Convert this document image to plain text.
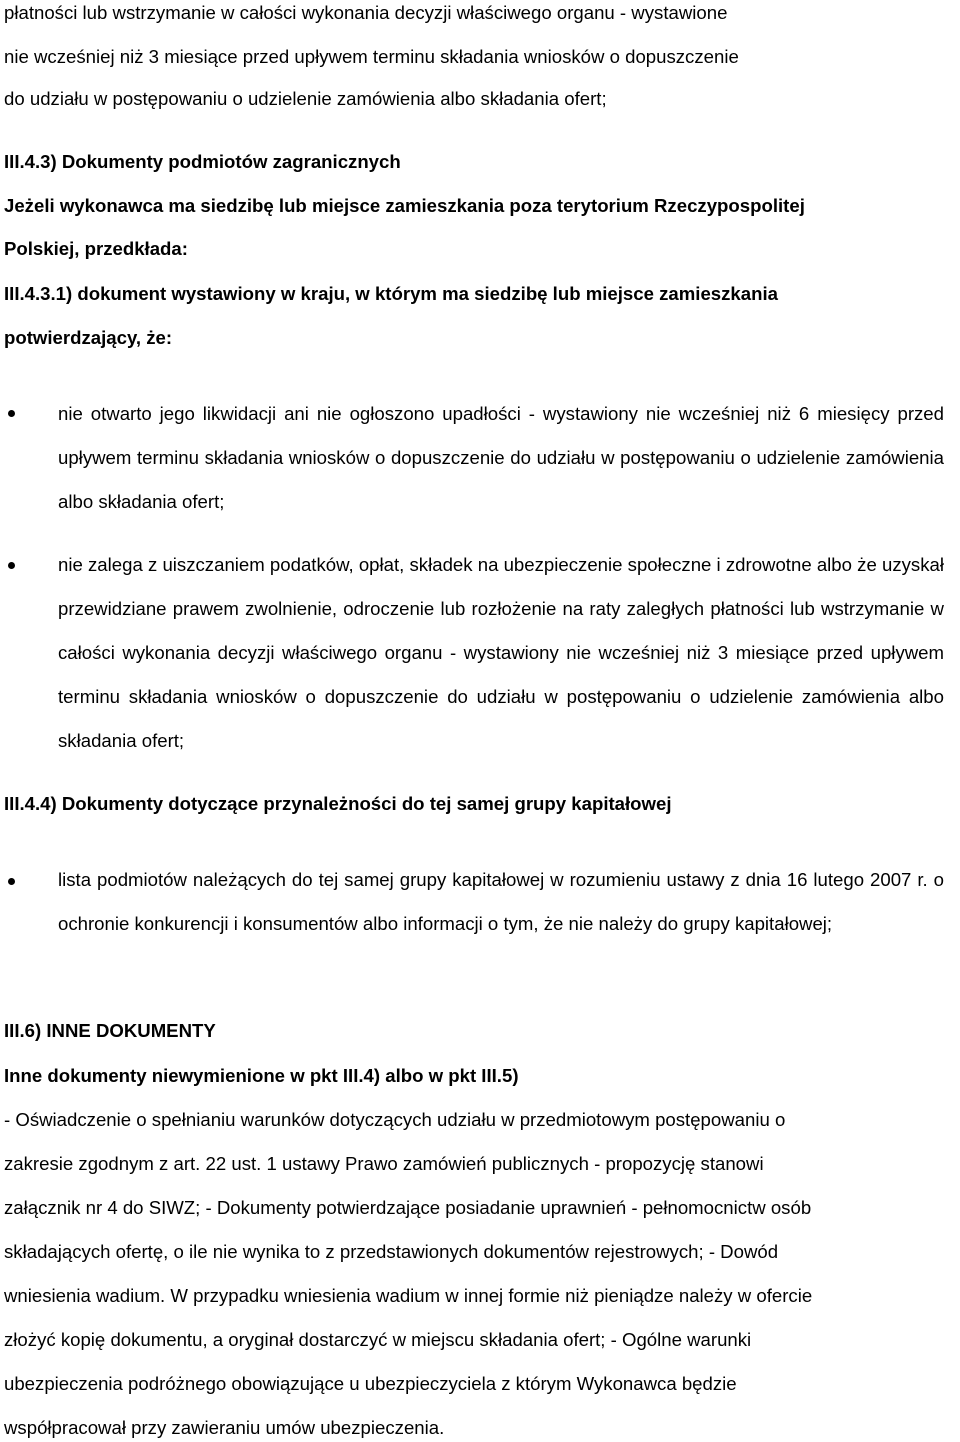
płatności lub wstrzymanie w całości wykonania decyzji właściwego organu - wystawione
nie wcześniej niż 3 miesiące przed upływem terminu składania wniosków o dopuszczenie
do udziału w postępowaniu o udzielenie zamówienia albo składania ofert;
III.4.3) Dokumenty podmiotów zagranicznych
Jeżeli wykonawca ma siedzibę lub miejsce zamieszkania poza terytorium Rzeczypospolitej
Polskiej, przedkłada:
III.4.3.1) dokument wystawiony w kraju, w którym ma siedzibę lub miejsce zamieszkania
potwierdzający, że:
nie otwarto jego likwidacji ani nie ogłoszono upadłości - wystawiony nie wcześniej niż 6 miesięcy przed upływem terminu składania wniosków o dopuszczenie do udziału w postępowaniu o udzielenie zamówienia albo składania ofert;
nie zalega z uiszczaniem podatków, opłat, składek na ubezpieczenie społeczne i zdrowotne albo że uzyskał przewidziane prawem zwolnienie, odroczenie lub rozłożenie na raty zaległych płatności lub wstrzymanie w całości wykonania decyzji właściwego organu - wystawiony nie wcześniej niż 3 miesiące przed upływem terminu składania wniosków o dopuszczenie do udziału w postępowaniu o udzielenie zamówienia albo składania ofert;
III.4.4) Dokumenty dotyczące przynależności do tej samej grupy kapitałowej
lista podmiotów należących do tej samej grupy kapitałowej w rozumieniu ustawy z dnia 16 lutego 2007 r. o ochronie konkurencji i konsumentów albo informacji o tym, że nie należy do grupy kapitałowej;
III.6) INNE DOKUMENTY
Inne dokumenty niewymienione w pkt III.4) albo w pkt III.5)
- Oświadczenie o spełnianiu warunków dotyczących udziału w przedmiotowym postępowaniu o
zakresie zgodnym z art. 22 ust. 1 ustawy Prawo zamówień publicznych - propozycję stanowi
załącznik nr 4 do SIWZ; - Dokumenty potwierdzające posiadanie uprawnień - pełnomocnictw osób
składających ofertę, o ile nie wynika to z przedstawionych dokumentów rejestrowych; - Dowód
wniesienia wadium. W przypadku wniesienia wadium w innej formie niż pieniądze należy w ofercie
złożyć kopię dokumentu, a oryginał dostarczyć w miejscu składania ofert; - Ogólne warunki
ubezpieczenia podróżnego obowiązujące u ubezpieczyciela z którym Wykonawca będzie
współpracował przy zawieraniu umów ubezpieczenia.
